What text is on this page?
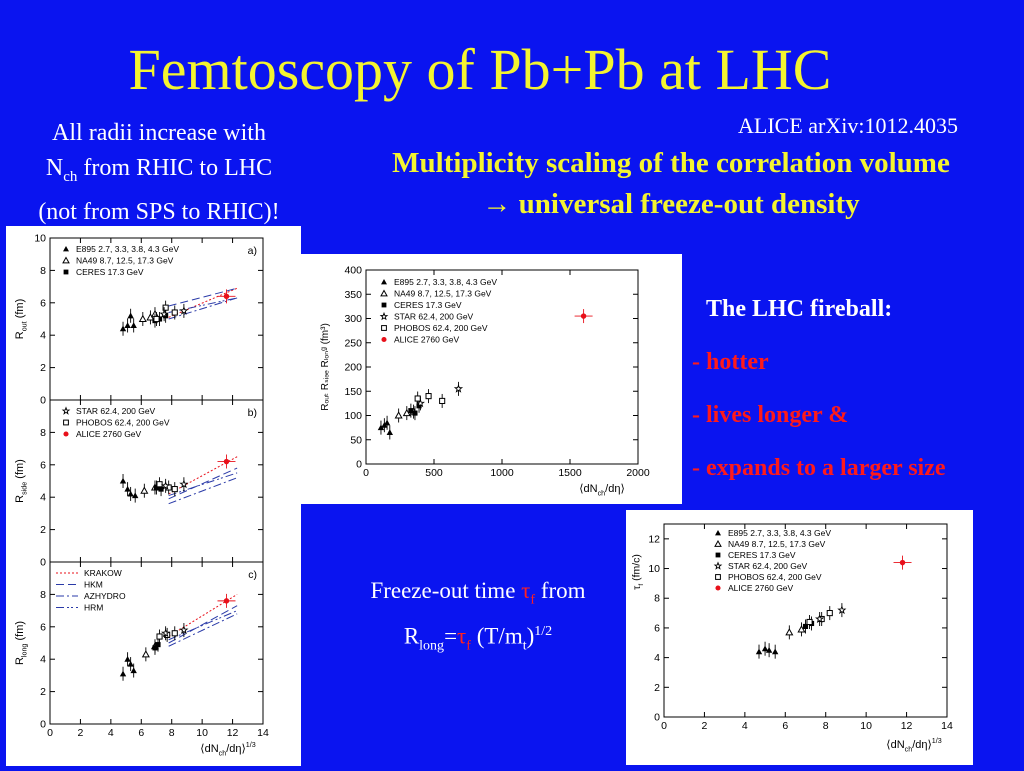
Femtoscopy of Pb+Pb at LHC
All radii increase with
$N_{ch}$ from RHIC to LHC
(not from SPS to RHIC)!
ALICE arXiv:1012.4035
Multiplicity scaling of the correlation volume
→ universal freeze-out density
0
2
4
6
8
10
a)
E895 2.7, 3.3, 3.8, 4.3 GeV
NA49 8.7, 12.5, 17.3 GeV
CERES 17.3 GeV
$R_{out}$ (fm)
0
2
4
6
8
b)
STAR 62.4, 200 GeV
PHOBOS 62.4, 200 GeV
ALICE 2760 GeV
$R_{side}$ (fm)
0 2 4 6 8 10 12 14
0
2
4
6
8
c)
KRAKOW
HKM
AZHYDRO
HRM
$R_{long}$ (fm)
$⟨dN_{ch}/d\eta⟩^{1/3}$
0	500	1000	1500	2000
0
50
100
150
200
250
300
350
400
E895 2.7, 3.3, 3.8, 4.3 GeV
NA49 8.7, 12.5, 17.3 GeV
CERES 17.3 GeV
STAR 62.4, 200 GeV
PHOBOS 62.4, 200 GeV
ALICE 2760 GeV
$⟨dN_{ch}/d\eta⟩$
Rₒᵤₜ Rₛᵢₔₑ Rₗₒₙᵍ (fm³)
0	2	4	6	8	10	12	14
0
2
4
6
8
10
12
E895 2.7, 3.3, 3.8, 4.3 GeV
NA49 8.7, 12.5, 17.3 GeV
CERES 17.3 GeV
STAR 62.4, 200 GeV
PHOBOS 62.4, 200 GeV
ALICE 2760 GeV
$⟨dN_{ch}/d\eta⟩^{1/3}$
$\tau_f$ (fm/c)
The LHC fireball:
- hotter
- lives longer &
- expands to a larger size
Freeze-out time $\tau_f$ from
$R_{long}=\tau_f$ $(T/m_t)^{1/2}$
